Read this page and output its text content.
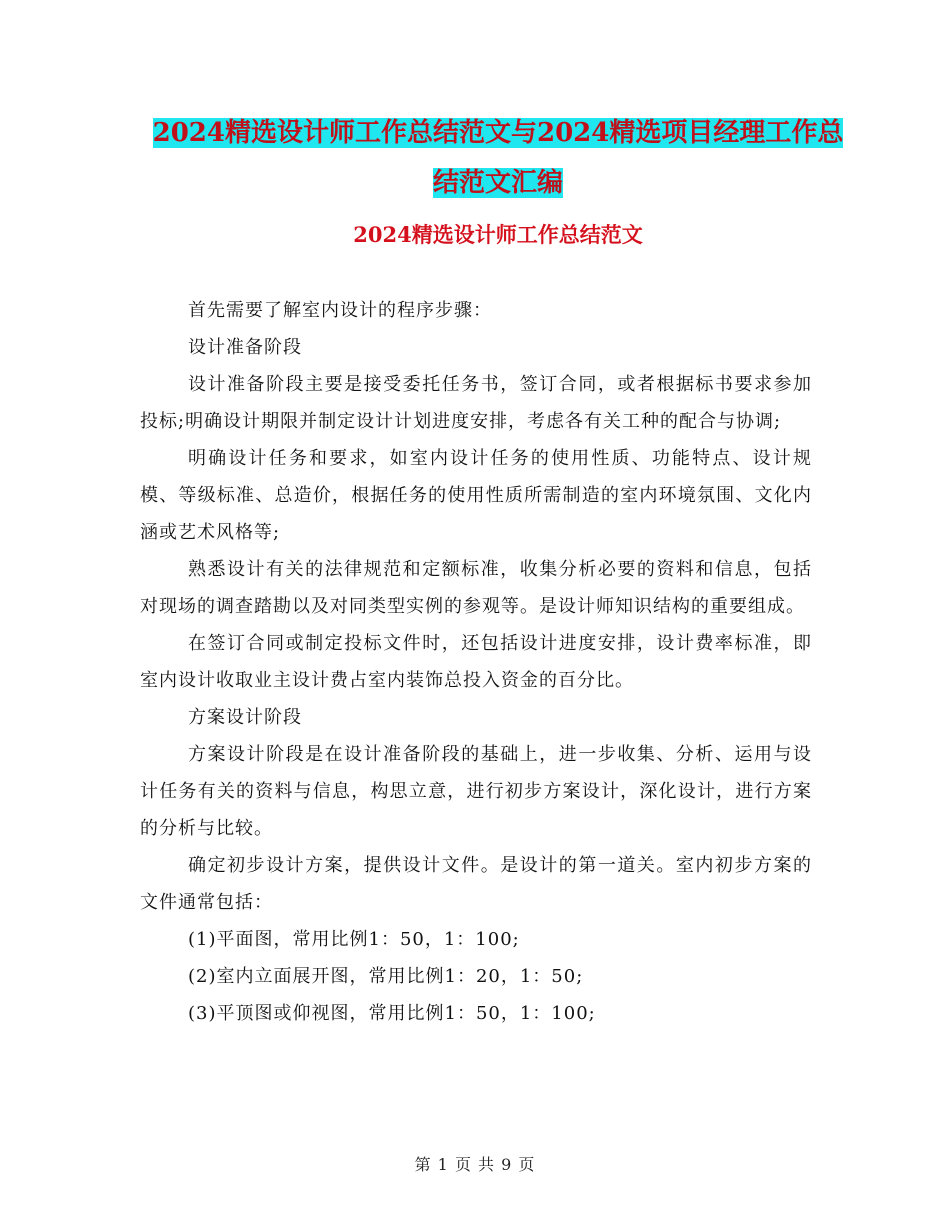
2024精选设计师工作总结范文与2024精选项目经理工作总结范文汇编
2024精选设计师工作总结范文

首先需要了解室内设计的程序步骤：

设计准备阶段

设计准备阶段主要是接受委托任务书，签订合同，或者根据标书要求参加投标;明确设计期限并制定设计计划进度安排，考虑各有关工种的配合与协调;

明确设计任务和要求，如室内设计任务的使用性质、功能特点、设计规模、等级标准、总造价，根据任务的使用性质所需制造的室内环境氛围、文化内涵或艺术风格等;

熟悉设计有关的法律规范和定额标准，收集分析必要的资料和信息，包括对现场的调查踏勘以及对同类型实例的参观等。是设计师知识结构的重要组成。

在签订合同或制定投标文件时，还包括设计进度安排，设计费率标准，即室内设计收取业主设计费占室内装饰总投入资金的百分比。

方案设计阶段

方案设计阶段是在设计准备阶段的基础上，进一步收集、分析、运用与设计任务有关的资料与信息，构思立意，进行初步方案设计，深化设计，进行方案的分析与比较。

确定初步设计方案，提供设计文件。是设计的第一道关。室内初步方案的文件通常包括：

(1)平面图，常用比例1：50，1：100;

(2)室内立面展开图，常用比例1：20，1：50;

(3)平顶图或仰视图，常用比例1：50，1：100;

第 1 页 共 9 页
